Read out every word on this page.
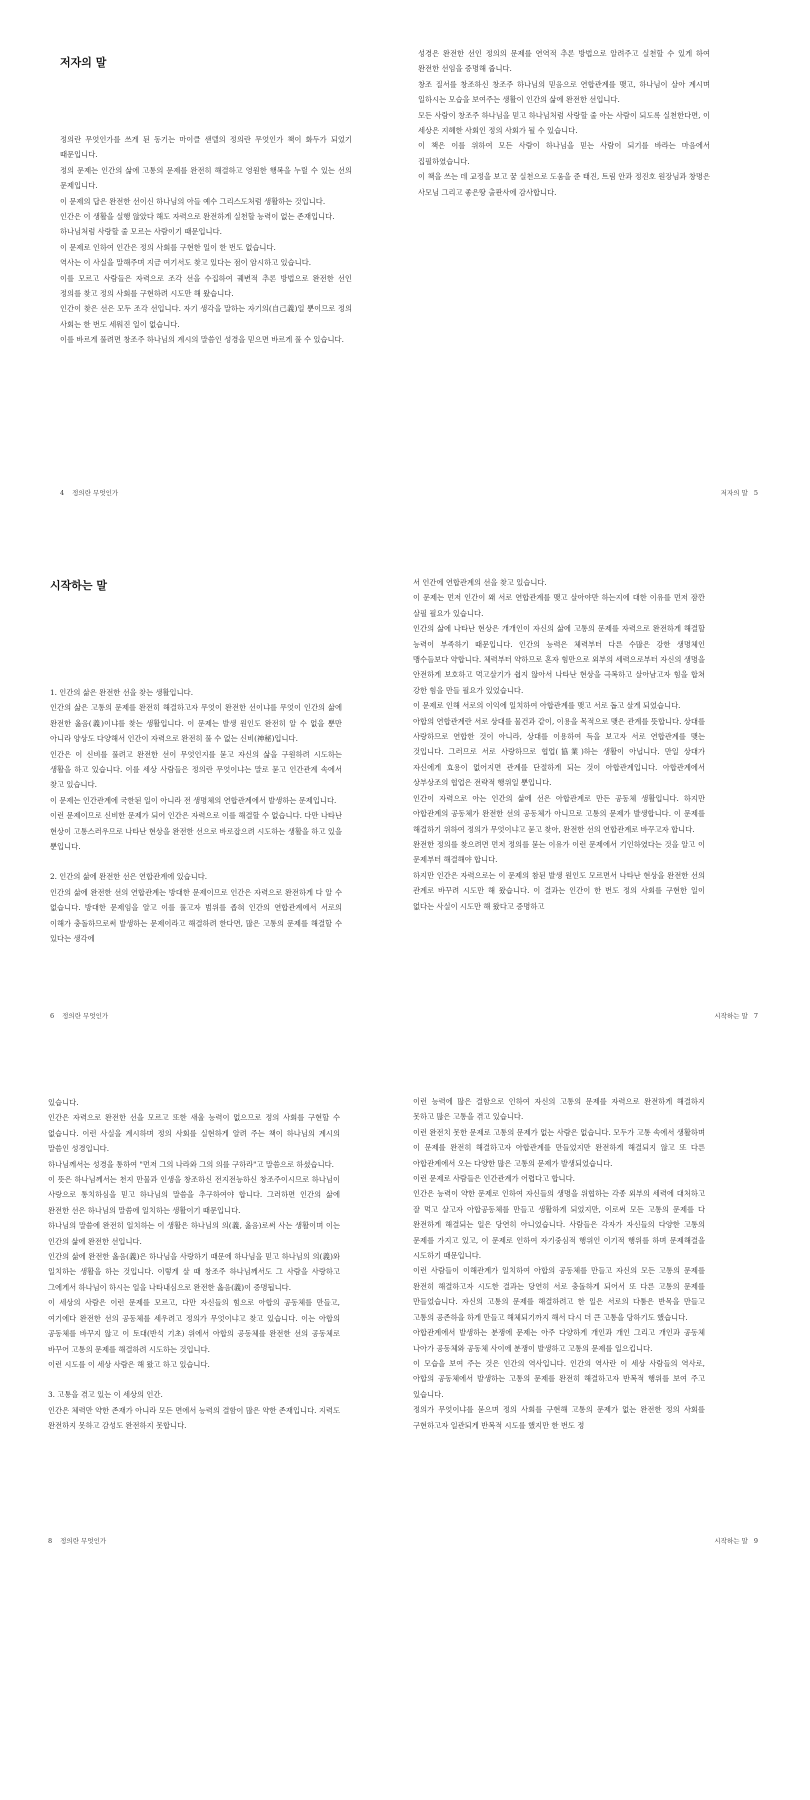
저자의 말

정의란 무엇인가를 쓰게 된 동기는 마이클 샌델의 정의란 무엇인가 책이 화두가 되었기 때문입니다.

정의 문제는 인간의 삶에 고통의 문제를 완전히 해결하고 영원한 행복을 누릴 수 있는 선의 문제입니다.

이 문제의 답은 완전한 선이신 하나님의 아들 예수 그리스도처럼 생활하는 것입니다.

인간은 이 생활을 실행 않았다 해도 자력으로 완전하게 실천할 능력이 없는 존재입니다.

하나님처럼 사랑할 줄 모르는 사람이기 때문입니다.

이 문제로 인하여 인간은 정의 사회를 구현한 일이 한 번도 없습니다.

역사는 이 사실을 말해주며 지금 여기서도 찾고 있다는 점이 암시하고 있습니다.

이를 모르고 사람들은 자력으로 조각 선을 수집하여 궤변적 추론 방법으로 완전한 선인 정의를 찾고 정의 사회를 구현하려 시도만 해 왔습니다.

인간이 찾은 선은 모두 조각 선입니다. 자기 생각을 말하는 자기의(自己義)일 뿐이므로 정의 사회는 한 번도 세워진 일이 없습니다.

이를 바르게 풀려면 창조주 하나님의 계시의 말씀인 성경을 믿으면 바르게 풀 수 있습니다.

4 정의란 무엇인가

성경은 완전한 선인 정의의 문제를 연역적 추론 방법으로 알려주고 실천할 수 있게 하여 완전한 선임을 증명해 줍니다.

창조 질서를 창조하신 창조주 하나님의 믿음으로 연합관계를 맺고, 하나님이 살아 계시며 일하시는 모습을 보여주는 생활이 인간의 삶에 완전한 선입니다.

모든 사람이 창조주 하나님을 믿고 하나님처럼 사랑할 줄 아는 사람이 되도록 실천한다면, 이 세상은 지혜한 사회인 정의 사회가 될 수 있습니다.

이 책은 이를 위하여 모든 사람이 하나님을 믿는 사람이 되기를 바라는 마음에서 집필하였습니다.

이 책을 쓰는 데 교정을 보고 꿈 실천으로 도움을 준 태진, 트림 안과 정진호 원장님과 창명은 사모님 그리고 좋은땅 출판사에 감사합니다.

저자의 말 5
시작하는 말

1. 인간의 삶은 완전한 선을 찾는 생활입니다.

인간의 삶은 고통의 문제를 완전히 해결하고자 무엇이 완전한 선이냐를 무엇이 인간의 삶에 완전한 옳음(義)이냐를 찾는 생활입니다. 이 문제는 발생 원인도 완전히 알 수 없을 뿐만 아니라 양상도 다양해서 인간이 자력으로 완전히 풀 수 없는 신비(神秘)입니다.

인간은 이 신비를 풀려고 완전한 선이 무엇인지를 묻고 자신의 삶을 구원하려 시도하는 생활을 하고 있습니다. 이를 세상 사람들은 정의란 무엇이냐는 말로 묻고 인간관계 속에서 찾고 있습니다.

이 문제는 인간관계에 국한된 일이 아니라 전 생명체의 연합관계에서 발생하는 문제입니다.

이런 문제이므로 신비한 문제가 되어 인간은 자력으로 이를 해결할 수 없습니다. 다만 나타난 현상이 고통스러우므로 나타난 현상을 완전한 선으로 바로잡으려 시도하는 생활을 하고 있을 뿐입니다.

2. 인간의 삶에 완전한 선은 연합관계에 있습니다.

인간의 삶에 완전한 선의 연합관계는 방대한 문제이므로 인간은 자력으로 완전하게 다 알 수 없습니다. 방대한 문제임을 알고 이를 풀고자 범위를 좁혀 인간의 연합관계에서 서로의 이해가 충돌하므로써 발생하는 문제이라고 해결하려 한다면, 많은 고통의 문제를 해결할 수 있다는 생각에

6 정의란 무엇인가

서 인간에 연합관계의 선을 찾고 있습니다.

이 문제는 먼저 인간이 왜 서로 연합관계를 맺고 살아야만 하는지에 대한 이유를 먼저 잠깐 살필 필요가 있습니다.

인간의 삶에 나타난 현상은 개개인이 자신의 삶에 고통의 문제를 자력으로 완전하게 해결할 능력이 부족하기 때문입니다. 인간의 능력은 체력부터 다른 수많은 강한 생명체인 맹수들보다 약합니다. 체력부터 약하므로 혼자 힘만으로 외부의 세력으로부터 자신의 생명을 안전하게 보호하고 먹고살기가 쉽지 않아서 나타난 현상을 극복하고 살아남고자 힘을 합쳐 강한 힘을 만들 필요가 있었습니다.

이 문제로 인해 서로의 이익에 일치하여 아합관계를 맺고 서로 돕고 살게 되었습니다.

아합의 연합관계란 서로 상대를 물건과 같이, 이용을 목적으로 맺은 관계를 뜻합니다. 상대를 사랑하므로 연합한 것이 아니라, 상대를 이용하여 득을 보고자 서로 연합관계를 맺는 것입니다. 그러므로 서로 사랑하므로 협업(協業)하는 생활이 아닙니다. 만일 상대가 자신에게 효용이 없어지면 관계를 단절하게 되는 것이 아합관계입니다. 아합관계에서 상부상조의 협업은 전략적 행위일 뿐입니다.

인간이 자력으로 아는 인간의 삶에 선은 아합관계로 만든 공동체 생활입니다. 하지만 아합관계의 공동체가 완전한 선의 공동체가 아니므로 고통의 문제가 발생합니다. 이 문제를 해결하기 위하여 정의가 무엇이냐고 묻고 찾아, 완전한 선의 연합관계로 바꾸고자 합니다.

완전한 정의를 찾으려면 먼저 정의를 묻는 이유가 이런 문제에서 기인하였다는 것을 알고 이 문제부터 해결해야 합니다.

하지만 인간은 자력으로는 이 문제의 참된 발생 원인도 모르면서 나타난 현상을 완전한 선의 관계로 바꾸려 시도만 해 왔습니다. 이 결과는 인간이 한 번도 정의 사회를 구현한 일이 없다는 사실이 시도만 해 왔다고 증명하고

시작하는 말 7

있습니다.

인간은 자력으로 완전한 선을 모르고 또한 새울 능력이 없으므로 정의 사회를 구현할 수 없습니다. 이런 사실을 계시하며 정의 사회를 실현하게 알려 주는 책이 하나님의 계시의 말씀인 성경입니다.

하나님께서는 성경을 통하여 "먼저 그의 나라와 그의 의를 구하라"고 말씀으로 하셨습니다.

이 뜻은 하나님께서는 천지 만물과 인생을 창조하신 전지전능하신 창조주이시므로 하나님이 사랑으로 통치하심을 믿고 하나님의 말씀을 추구하여야 합니다. 그러하면 인간의 삶에 완전한 선은 하나님의 말씀에 일치하는 생활이기 때문입니다.

하나님의 말씀에 완전히 일치하는 이 생활은 하나님의 의(義, 옳음)로써 사는 생활이며 이는 인간의 삶에 완전한 선입니다.

인간의 삶에 완전한 옳음(義)은 하나님을 사랑하기 때문에 하나님을 믿고 하나님의 의(義)와 일치하는 생활을 하는 것입니다. 이렇게 살 때 창조주 하나님께서도 그 사람을 사랑하고 그에게서 하나님이 하시는 일을 나타내심으로 완전한 옳음(義)이 증명됩니다.

이 세상의 사람은 이런 문제를 모르고, 다만 자신들의 힘으로 아합의 공동체를 만들고, 여기에다 완전한 선의 공동체를 세우려고 정의가 무엇이냐고 찾고 있습니다. 이는 아합의 공동체를 바꾸지 않고 이 토대(반석 기초) 위에서 아합의 공동체를 완전한 선의 공동체로 바꾸어 고통의 문제를 해결하려 시도하는 것입니다.

이런 시도를 이 세상 사람은 해 왔고 하고 있습니다.

3. 고통을 겪고 있는 이 세상의 인간.

인간은 체력만 약한 존재가 아니라 모든 면에서 능력의 결함이 많은 약한 존재입니다. 지력도 완전하지 못하고 감성도 완전하지 못합니다.

8 정의란 무엇인가

이런 능력에 많은 결함으로 인하여 자신의 고통의 문제를 자력으로 완전하게 해결하지 못하고 많은 고통을 겪고 있습니다.

이런 완전치 못한 문제로 고통의 문제가 없는 사람은 없습니다. 모두가 고통 속에서 생활하며 이 문제를 완전히 해결하고자 아합관계를 만들었지만 완전하게 해결되지 않고 또 다른 아합관계에서 오는 다양한 많은 고통의 문제가 발생되었습니다.

이런 문제로 사람들은 인간관계가 어렵다고 합니다.

인간은 능력이 약한 문제로 인하여 자신들의 생명을 위협하는 각종 외부의 세력에 대처하고 잘 먹고 살고자 아합공동체를 만들고 생활하게 되었지만, 이로써 모든 고통의 문제를 다 완전하게 해결되는 일은 당연히 아니었습니다. 사람들은 각자가 자신들의 다양한 고통의 문제를 가지고 있고, 이 문제로 인하여 자기중심적 행위인 이기적 행위를 하며 문제해결을 시도하기 때문입니다.

이런 사람들이 이해관계가 일치하여 아합의 공동체를 만들고 자신의 모든 고통의 문제를 완전히 해결하고자 시도한 결과는 당연히 서로 충돌하게 되어서 또 다른 고통의 문제를 만들었습니다. 자신의 고통의 문제를 해결하려고 한 일은 서로의 다툼은 반목을 만들고 고통의 공존하을 하게 만들고 해체되기까지 해서 다시 더 큰 고통을 당하기도 했습니다.

아합관계에서 발생하는 분쟁에 문제는 아주 다양하게 개인과 개인 그리고 개인과 공동체 나아가 공동체와 공동체 사이에 분쟁이 발생하고 고통의 문제를 일으킵니다.

이 모습을 보여 주는 것은 인간의 역사입니다. 인간의 역사란 이 세상 사람들의 역사로, 아합의 공동체에서 발생하는 고통의 문제를 완전히 해결하고자 반복적 행위를 보여 주고 있습니다.

정의가 무엇이냐를 묻으며 정의 사회를 구현해 고통의 문제가 없는 완전한 정의 사회를 구현하고자 일관되게 반복적 시도를 했지만 한 번도 정

시작하는 말 9
